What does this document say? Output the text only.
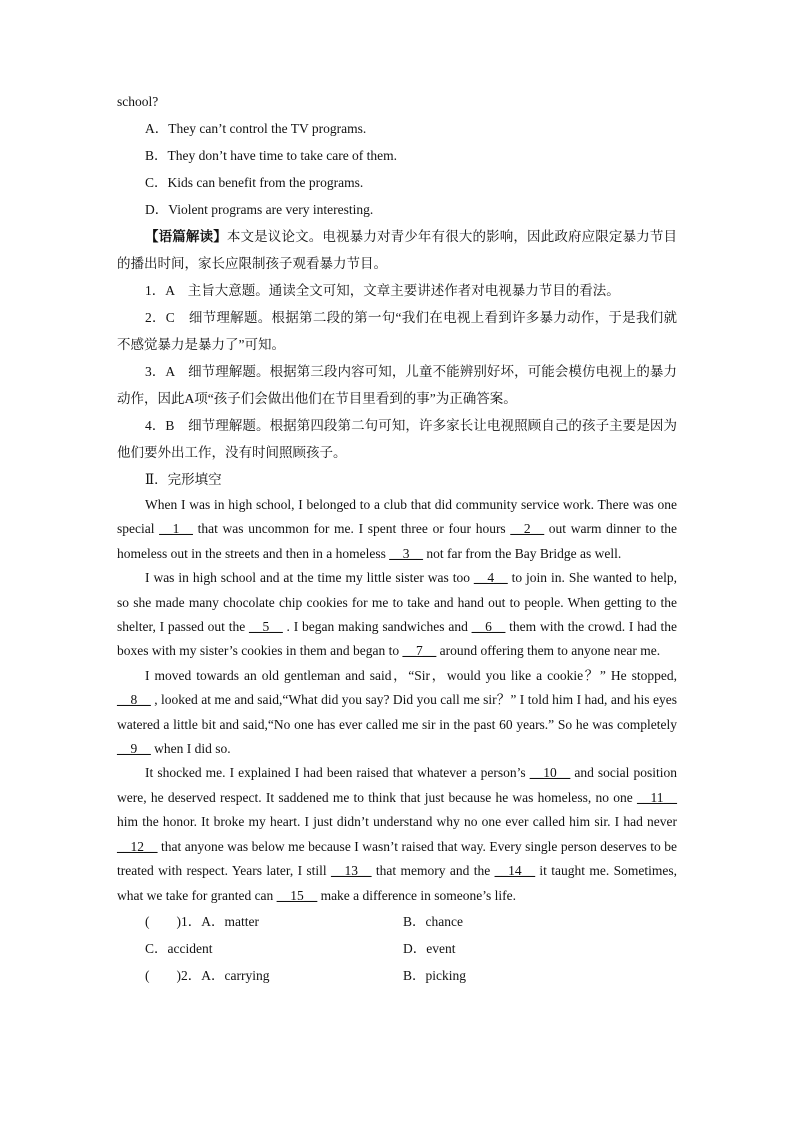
school?
A．They can’t control the TV programs.
B．They don’t have time to take care of them.
C．Kids can benefit from the programs.
D．Violent programs are very interesting.

【语篇解读】本文是议论文。电视暴力对青少年有很大的影响，因此政府应限定暴力节目的播出时间，家长应限制孩子观看暴力节目。

1．A　主旨大意题。通读全文可知，文章主要讲述作者对电视暴力节目的看法。

2．C　细节理解题。根据第二段的第一句“我们在电视上看到许多暴力动作，于是我们就不感觉暴力是暴力了”可知。

3．A　细节理解题。根据第三段内容可知，儿童不能辨别好坏，可能会模仿电视上的暴力动作，因此A项“孩子们会做出他们在节目里看到的事”为正确答案。

4．B　细节理解题。根据第四段第二句可知，许多家长让电视照顾自己的孩子主要是因为他们要外出工作，没有时间照顾孩子。

Ⅱ．完形填空

When I was in high school, I belonged to a club that did community service work. There was one special __1__ that was uncommon for me. I spent three or four hours __2__ out warm dinner to the homeless out in the streets and then in a homeless __3__ not far from the Bay Bridge as well.

I was in high school and at the time my little sister was too __4__ to join in. She wanted to help, so she made many chocolate chip cookies for me to take and hand out to people. When getting to the shelter, I passed out the __5__ . I began making sandwiches and __6__ them with the crowd. I had the boxes with my sister’s cookies in them and began to __7__ around offering them to anyone near me.

I moved towards an old gentleman and said，“Sir，would you like a cookie？” He stopped, __8__ , looked at me and said,“What did you say? Did you call me sir？” I told him I had, and his eyes watered a little bit and said,“No one has ever called me sir in the past 60 years.” So he was completely __9__ when I did so.

It shocked me. I explained I had been raised that whatever a person’s __10__ and social position were, he deserved respect. It saddened me to think that just because he was homeless, no one __11__ him the honor. It broke my heart. I just didn’t understand why no one ever called him sir. I had never __12__ that anyone was below me because I wasn’t raised that way. Every single person deserves to be treated with respect. Years later, I still __13__ that memory and the __14__ it taught me. Sometimes, what we take for granted can __15__ make a difference in someone’s life.

(　　)1．A．matter	B．chance
C．accident	D．event
(　　)2．A．carrying	B．picking
